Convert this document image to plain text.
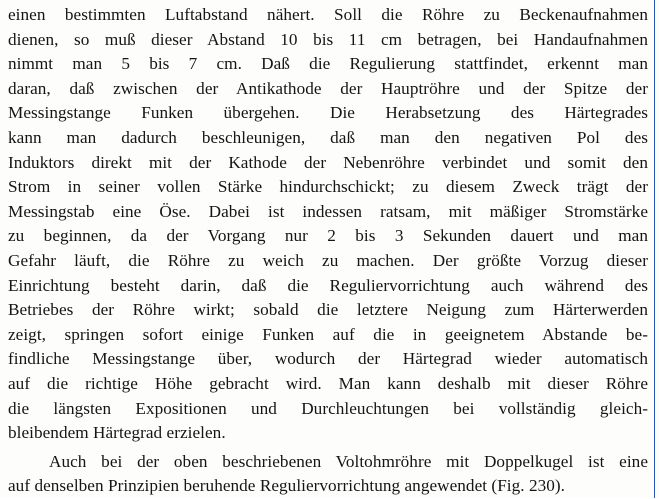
einen bestimmten Luftabstand nähert. Soll die Röhre zu Beckenaufnahmen
dienen, so muß dieser Abstand 10 bis 11 cm betragen, bei Handaufnahmen
nimmt man 5 bis 7 cm. Daß die Regulierung stattfindet, erkennt man
daran, daß zwischen der Antikathode der Hauptröhre und der Spitze der
Messingstange Funken übergehen. Die Herabsetzung des Härtegrades
kann man dadurch beschleunigen, daß man den negativen Pol des
Induktors direkt mit der Kathode der Nebenröhre verbindet und somit den
Strom in seiner vollen Stärke hindurchschickt; zu diesem Zweck trägt der
Messingstab eine Öse. Dabei ist indessen ratsam, mit mäßiger Stromstärke
zu beginnen, da der Vorgang nur 2 bis 3 Sekunden dauert und man
Gefahr läuft, die Röhre zu weich zu machen. Der größte Vorzug dieser
Einrichtung besteht darin, daß die Reguliervorrichtung auch während des
Betriebes der Röhre wirkt; sobald die letztere Neigung zum Härterwerden
zeigt, springen sofort einige Funken auf die in geeignetem Abstande be-
findliche Messingstange über, wodurch der Härtegrad wieder automatisch
auf die richtige Höhe gebracht wird. Man kann deshalb mit dieser Röhre
die längsten Expositionen und Durchleuchtungen bei vollständig gleich-
bleibendem Härtegrad erzielen.
Auch bei der oben beschriebenen Voltohmröhre mit Doppelkugel ist eine
auf denselben Prinzipien beruhende Reguliervorrichtung angewendet (Fig. 230).
